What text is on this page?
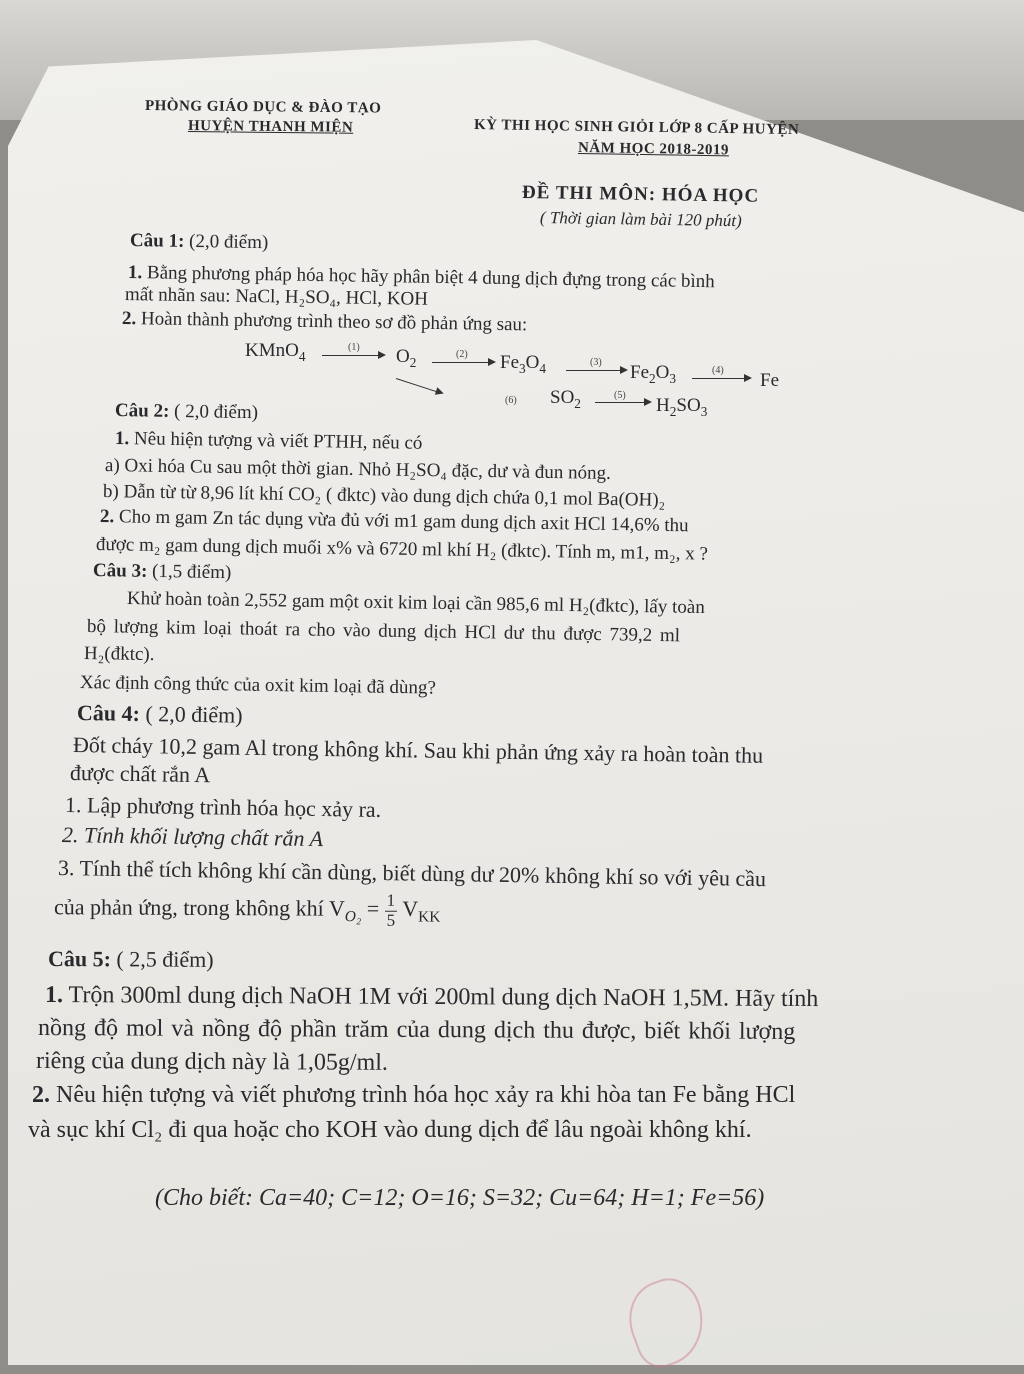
PHÒNG GIÁO DỤC & ĐÀO TẠO
HUYỆN THANH MIỆN	KỲ THI HỌC SINH GIỎI LỚP 8 CẤP HUYỆN
NĂM HỌC 2018-2019
ĐỀ THI MÔN: HÓA HỌC
( Thời gian làm bài 120 phút)
Câu 1: (2,0 điểm)
1. Bằng phương pháp hóa học hãy phân biệt 4 dung dịch đựng trong các bình
mất nhãn sau: NaCl, H₂SO₄, HCl, KOH
2. Hoàn thành phương trình theo sơ đồ phản ứng sau:
KMnO$_4$
(1) $O_2$
(2) $Fe_3O_4$	(3) $Fe_2O_3$
(4) Fe
(6) $SO_2$
(5) $H_2SO_3$
Câu 2: ( 2,0 điểm)
1. Nêu hiện tượng và viết PTHH, nếu có
a) Oxi hóa Cu sau một thời gian. Nhỏ H₂SO₄ đặc, dư và đun nóng.
b) Dẫn từ từ 8,96 lít khí CO₂ ( đktc) vào dung dịch chứa 0,1 mol Ba(OH)₂
2. Cho m gam Zn tác dụng vừa đủ với m1 gam dung dịch axit HCl 14,6% thu
được m₂ gam dung dịch muối x% và 6720 ml khí H₂ (đktc). Tính m, m1, m₂, x ?
Câu 3: (1,5 điểm)
Khử hoàn toàn 2,552 gam một oxit kim loại cần 985,6 ml H₂(đktc), lấy toàn
bộ lượng kim loại thoát ra cho vào dung dịch HCl dư thu được 739,2 ml
H₂(đktc).
Xác định công thức của oxit kim loại đã dùng?
Câu 4: ( 2,0 điểm)
Đốt cháy 10,2 gam Al trong không khí. Sau khi phản ứng xảy ra hoàn toàn thu
được chất rắn A
1. Lập phương trình hóa học xảy ra.
2. Tính khối lượng chất rắn A
3. Tính thể tích không khí cần dùng, biết dùng dư 20% không khí so với yêu cầu
của phản ứng, trong không khí $V_{O_2} = \frac{1}{5} V_{KK}$
Câu 5: ( 2,5 điểm)
1. Trộn 300ml dung dịch NaOH 1M với 200ml dung dịch NaOH 1,5M. Hãy tính
nồng độ mol và nồng độ phần trăm của dung dịch thu được, biết khối lượng
riêng của dung dịch này là 1,05g/ml.
2. Nêu hiện tượng và viết phương trình hóa học xảy ra khi hòa tan Fe bằng HCl
và sục khí Cl₂ đi qua hoặc cho KOH vào dung dịch để lâu ngoài không khí.
(Cho biết: Ca=40; C=12; O=16; S=32; Cu=64; H=1; Fe=56)
